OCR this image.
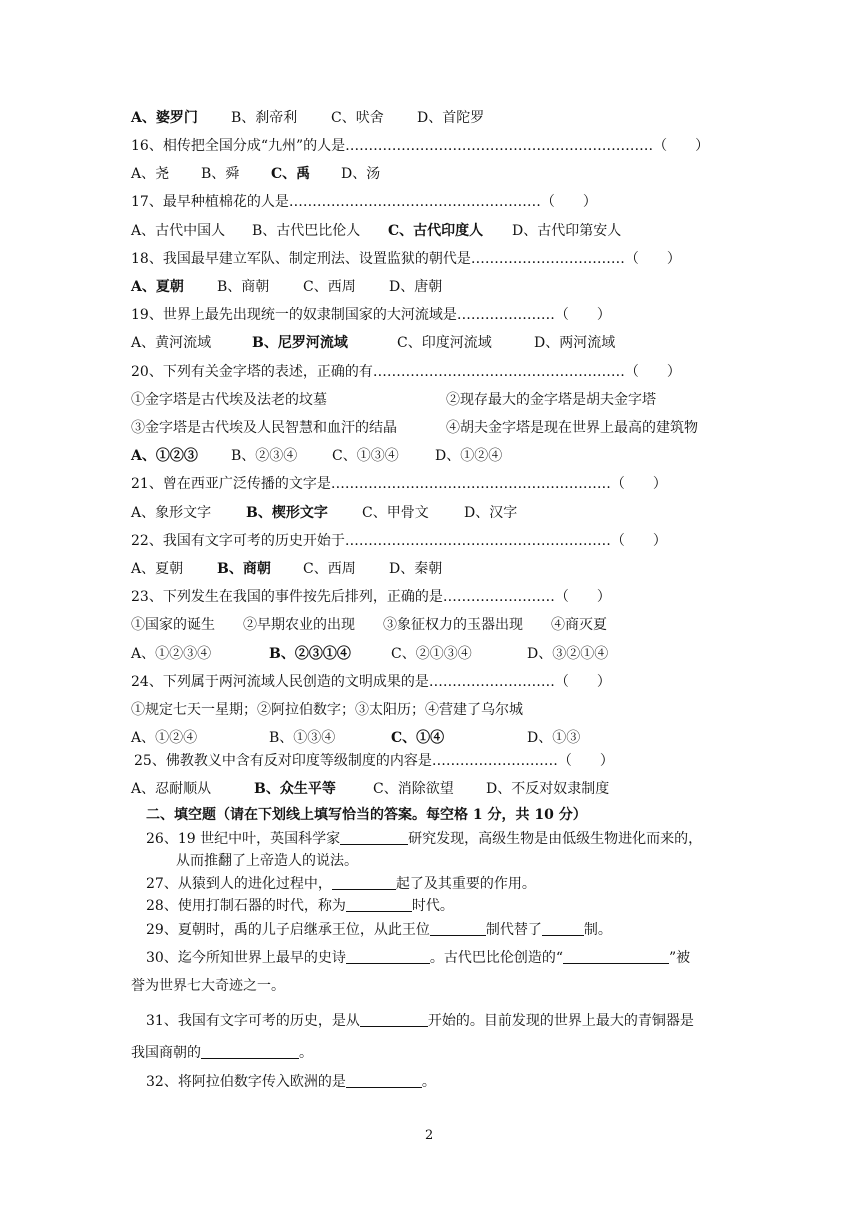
A、婆罗门 B、刹帝利 C、吠舍 D、首陀罗
16、相传把全国分成“九州”的人是…………………………………………………………（　　）
A、尧 B、舜 C、禹 D、汤
17、最早种植棉花的人是………………………………………………（　　）
A、古代中国人 B、古代巴比伦人 C、古代印度人 D、古代印第安人
18、我国最早建立军队、制定刑法、设置监狱的朝代是……………………………（　　）
A、夏朝 B、商朝 C、西周 D、唐朝
19、世界上最先出现统一的奴隶制国家的大河流域是…………………（　　）
A、黄河流域	B、尼罗河流域	C、印度河流域	D、两河流域
20、下列有关金字塔的表述，正确的有………………………………………………（　　）
①金字塔是古代埃及法老的坟墓	②现存最大的金字塔是胡夫金字塔
③金字塔是古代埃及人民智慧和血汗的结晶	④胡夫金字塔是现在世界上最高的建筑物
A、①②③ B、②③④ C、①③④	D、①②④
21、曾在西亚广泛传播的文字是……………………………………………………（　　）
A、象形文字 B、楔形文字 C、甲骨文	D、汉字
22、我国有文字可考的历史开始于…………………………………………………（　　）
A、夏朝 B、商朝 C、西周 D、秦朝
23、下列发生在我国的事件按先后排列，正确的是……………………（　　）
①国家的诞生　　②早期农业的出现　　③象征权力的玉器出现　　④商灭夏
A、①②③④	B、②③①④	C、②①③④	D、③②①④
24、下列属于两河流域人民创造的文明成果的是………………………（　　）
①规定七天一星期；②阿拉伯数字；③太阳历；④营建了乌尔城
A、①②④	B、①③④	C、①④	D、①③
25、佛教教义中含有反对印度等级制度的内容是………………………（　　）
A、忍耐顺从	B、众生平等	C、消除欲望 D、不反对奴隶制度
二、填空题（请在下划线上填写恰当的答案。每空格 1 分，共 10 分）
26、19 世纪中叶，英国科学家	研究发现，高级生物是由低级生物进化而来的，
从而推翻了上帝造人的说法。
27、从猿到人的进化过程中，	起了及其重要的作用。
28、使用打制石器的时代，称为	时代。
29、夏朝时，禹的儿子启继承王位，从此王位	制代替了	制。
30、迄今所知世界上最早的史诗	。古代巴比伦创造的“	”被
誉为世界七大奇迹之一。
31、我国有文字可考的历史，是从	开始的。目前发现的世界上最大的青铜器是
我国商朝的	。
32、将阿拉伯数字传入欧洲的是	。
2
